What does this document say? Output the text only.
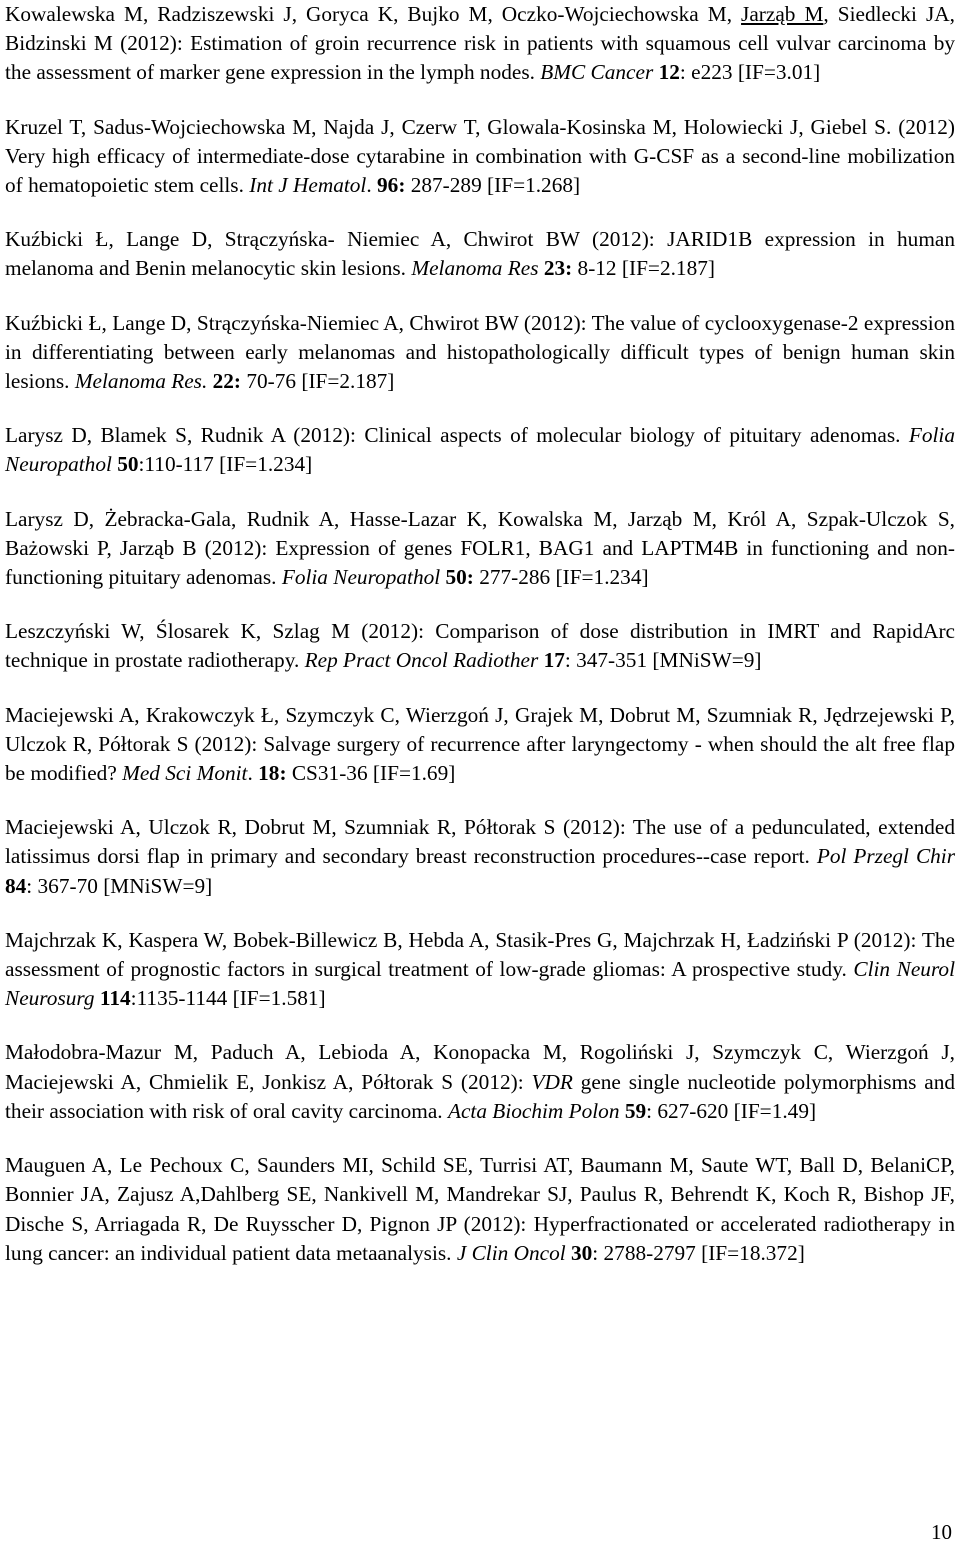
Kowalewska M, Radziszewski J, Goryca K, Bujko M, Oczko-Wojciechowska M, Jarząb M, Siedlecki JA, Bidzinski M (2012): Estimation of groin recurrence risk in patients with squamous cell vulvar carcinoma by the assessment of marker gene expression in the lymph nodes. BMC Cancer 12: e223 [IF=3.01]

Kruzel T, Sadus-Wojciechowska M, Najda J, Czerw T, Glowala-Kosinska M, Holowiecki J, Giebel S. (2012) Very high efficacy of intermediate-dose cytarabine in combination with G-CSF as a second-line mobilization of hematopoietic stem cells. Int J Hematol. 96: 287-289 [IF=1.268]

Kuźbicki Ł, Lange D, Strączyńska- Niemiec A, Chwirot BW (2012): JARID1B expression in human melanoma and Benin melanocytic skin lesions. Melanoma Res 23: 8-12 [IF=2.187]

Kuźbicki Ł, Lange D, Strączyńska-Niemiec A, Chwirot BW (2012): The value of cyclooxygenase-2 expression in differentiating between early melanomas and histopathologically difficult types of benign human skin lesions. Melanoma Res. 22: 70-76 [IF=2.187]

Larysz D, Blamek S, Rudnik A (2012): Clinical aspects of molecular biology of pituitary adenomas. Folia Neuropathol 50:110-117 [IF=1.234]

Larysz D, Żebracka-Gala, Rudnik A, Hasse-Lazar K, Kowalska M, Jarząb M, Król A, Szpak-Ulczok S, Bażowski P, Jarząb B (2012): Expression of genes FOLR1, BAG1 and LAPTM4B in functioning and non-functioning pituitary adenomas. Folia Neuropathol 50: 277-286 [IF=1.234]

Leszczyński W, Ślosarek K, Szlag M (2012): Comparison of dose distribution in IMRT and RapidArc technique in prostate radiotherapy. Rep Pract Oncol Radiother 17: 347-351 [MNiSW=9]

Maciejewski A, Krakowczyk Ł, Szymczyk C, Wierzgoń J, Grajek M, Dobrut M, Szumniak R, Jędrzejewski P, Ulczok R, Półtorak S (2012): Salvage surgery of recurrence after laryngectomy - when should the alt free flap be modified? Med Sci Monit. 18: CS31-36 [IF=1.69]

Maciejewski A, Ulczok R, Dobrut M, Szumniak R, Półtorak S (2012): The use of a pedunculated, extended latissimus dorsi flap in primary and secondary breast reconstruction procedures--case report. Pol Przegl Chir 84: 367-70 [MNiSW=9]

Majchrzak K, Kaspera W, Bobek-Billewicz B, Hebda A, Stasik-Pres G, Majchrzak H, Ładziński P (2012): The assessment of prognostic factors in surgical treatment of low-grade gliomas: A prospective study. Clin Neurol Neurosurg 114:1135-1144 [IF=1.581]

Małodobra-Mazur M, Paduch A, Lebioda A, Konopacka M, Rogoliński J, Szymczyk C, Wierzgoń J, Maciejewski A, Chmielik E, Jonkisz A, Półtorak S (2012): VDR gene single nucleotide polymorphisms and their association with risk of oral cavity carcinoma. Acta Biochim Polon 59: 627-620 [IF=1.49]

Mauguen A, Le Pechoux C, Saunders MI, Schild SE, Turrisi AT, Baumann M, Saute WT, Ball D, BelaniCP, Bonnier JA, Zajusz A,Dahlberg SE, Nankivell M, Mandrekar SJ, Paulus R, Behrendt K, Koch R, Bishop JF, Dische S, Arriagada R, De Ruysscher D, Pignon JP (2012): Hyperfractionated or accelerated radiotherapy in lung cancer: an individual patient data metaanalysis. J Clin Oncol 30: 2788-2797 [IF=18.372]

10
